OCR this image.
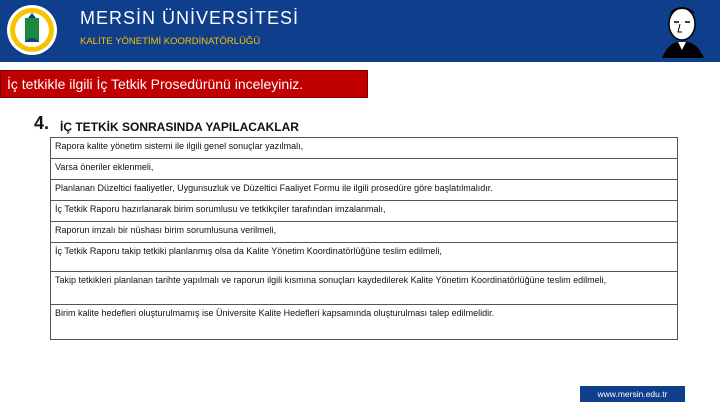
MERSİN ÜNİVERSİTESİ
KALİTE YÖNETİMİ KOORDİNATÖRLÜĞÜ
İç tetkikle ilgili İç Tetkik Prosedürünü inceleyiniz.
4. İÇ TETKİK SONRASINDA YAPILACAKLAR
Rapora kalite yönetim sistemi ile ilgili genel sonuçlar yazılmalı,
Varsa öneriler eklenmeli,
Planlanan Düzeltici faaliyetler, Uygunsuzluk ve Düzeltici Faaliyet Formu ile ilgili prosedüre göre başlatılmalıdır.
İç Tetkik Raporu hazırlanarak birim sorumlusu ve tetkikçiler tarafından imzalanmalı,
Raporun imzalı bir nüshası birim sorumlusuna verilmeli,
İç Tetkik Raporu takip tetkiki planlanmış olsa da Kalite Yönetim Koordinatörlüğüne teslim edilmeli,
Takip tetkikleri planlanan tarihte yapılmalı ve raporun ilgili kısmına sonuçları kaydedilerek Kalite Yönetim Koordinatörlüğüne teslim edilmeli,
Birim kalite hedefleri oluşturulmamış ise Üniversite Kalite Hedefleri kapsamında oluşturulması talep edilmelidir.
www.mersin.edu.tr
